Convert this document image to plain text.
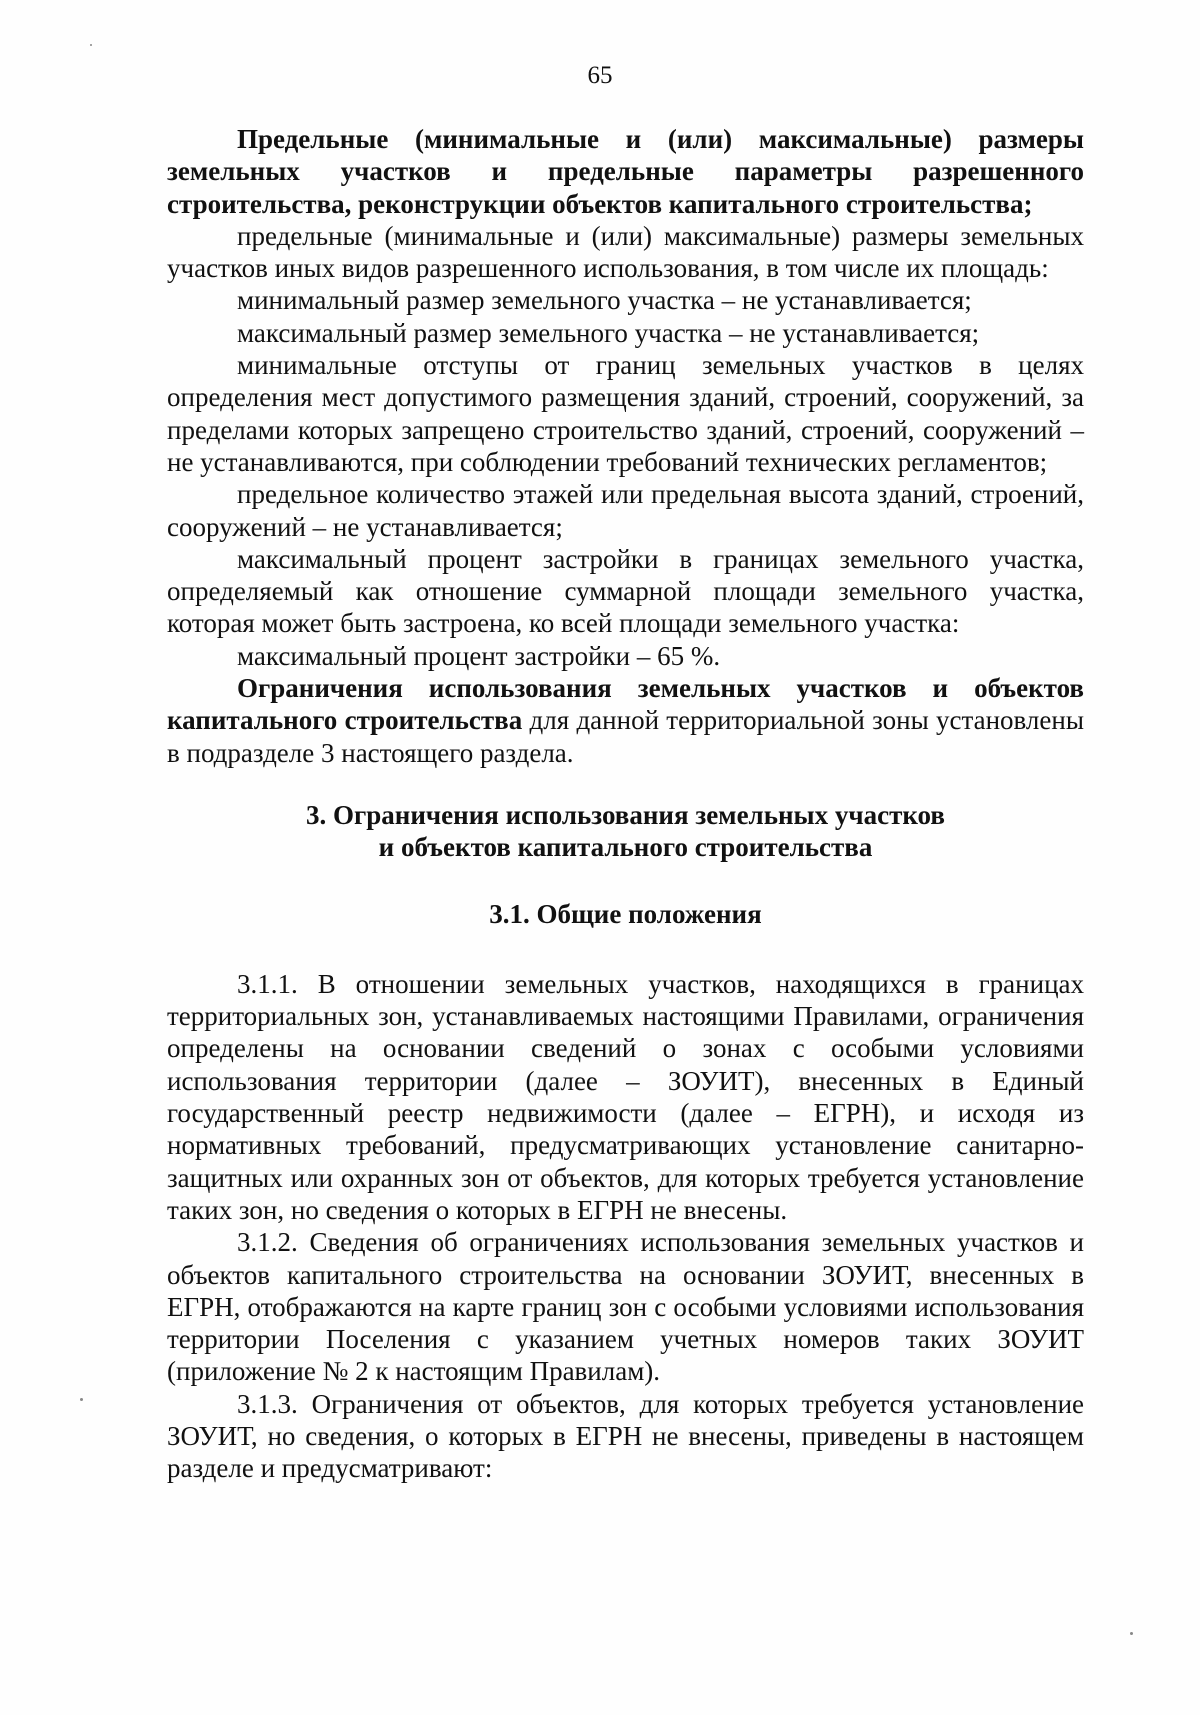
65

Предельные (минимальные и (или) максимальные) размеры земельных участков и предельные параметры разрешенного строительства, реконструкции объектов капитального строительства;

предельные (минимальные и (или) максимальные) размеры земельных участков иных видов разрешенного использования, в том числе их площадь:

минимальный размер земельного участка – не устанавливается;

максимальный размер земельного участка – не устанавливается;

минимальные отступы от границ земельных участков в целях определения мест допустимого размещения зданий, строений, сооружений, за пределами которых запрещено строительство зданий, строений, сооружений – не устанавливаются, при соблюдении требований технических регламентов;

предельное количество этажей или предельная высота зданий, строений, сооружений – не устанавливается;

максимальный процент застройки в границах земельного участка, определяемый как отношение суммарной площади земельного участка, которая может быть застроена, ко всей площади земельного участка:

максимальный процент застройки – 65 %.

Ограничения использования земельных участков и объектов капитального строительства для данной территориальной зоны установлены в подразделе 3 настоящего раздела.

3. Ограничения использования земельных участков
и объектов капитального строительства
3.1. Общие положения

3.1.1. В отношении земельных участков, находящихся в границах территориальных зон, устанавливаемых настоящими Правилами, ограничения определены на основании сведений о зонах с особыми условиями использования территории (далее – ЗОУИТ), внесенных в Единый государственный реестр недвижимости (далее – ЕГРН), и исходя из нормативных требований, предусматривающих установление санитарно-защитных или охранных зон от объектов, для которых требуется установление таких зон, но сведения о которых в ЕГРН не внесены.

3.1.2. Сведения об ограничениях использования земельных участков и объектов капитального строительства на основании ЗОУИТ, внесенных в ЕГРН, отображаются на карте границ зон с особыми условиями использования территории Поселения с указанием учетных номеров таких ЗОУИТ (приложение № 2 к настоящим Правилам).

3.1.3. Ограничения от объектов, для которых требуется установление ЗОУИТ, но сведения, о которых в ЕГРН не внесены, приведены в настоящем разделе и предусматривают:
